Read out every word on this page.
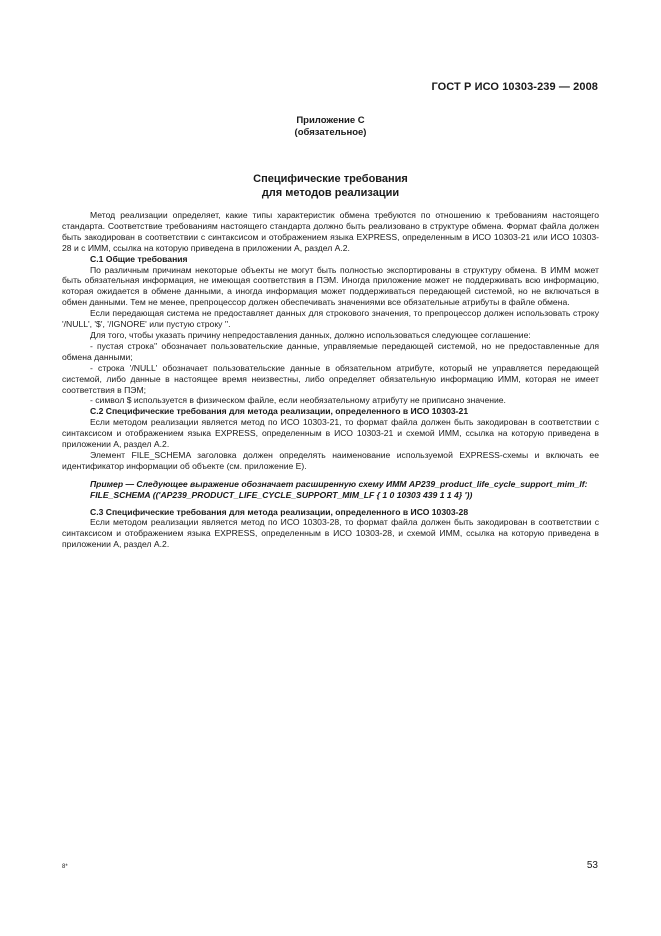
ГОСТ Р ИСО 10303-239 — 2008
Приложение С
(обязательное)
Специфические требования
для методов реализации

Метод реализации определяет, какие типы характеристик обмена требуются по отношению к требованиям настоящего стандарта. Соответствие требованиям настоящего стандарта должно быть реализовано в структуре обмена. Формат файла должен быть закодирован в соответствии с синтаксисом и отображением языка EXPRESS, определенным в ИСО 10303-21 или ИСО 10303-28 и с ИММ, ссылка на которую приведена в приложении А, раздел А.2.

С.1 Общие требования

По различным причинам некоторые объекты не могут быть полностью экспортированы в структуру обмена. В ИММ может быть обязательная информация, не имеющая соответствия в ПЭМ. Иногда приложение может не поддерживать всю информацию, которая ожидается в обмене данными, а иногда информация может поддерживаться передающей системой, но не включаться в обмен данными. Тем не менее, препроцессор должен обеспечивать значениями все обязательные атрибуты в файле обмена.

Если передающая система не предоставляет данных для строкового значения, то препроцессор должен использовать строку '/NULL', '$', '/IGNORE' или пустую строку ''.

Для того, чтобы указать причину непредоставления данных, должно использоваться следующее соглашение:

- пустая строка'' обозначает пользовательские данные, управляемые передающей системой, но не предоставленные для обмена данными;

- строка '/NULL' обозначает пользовательские данные в обязательном атрибуте, который не управляется передающей системой, либо данные в настоящее время неизвестны, либо определяет обязательную информацию ИММ, которая не имеет соответствия в ПЭМ;

- символ $ используется в физическом файле, если необязательному атрибуту не приписано значение.

С.2 Специфические требования для метода реализации, определенного в ИСО 10303-21

Если методом реализации является метод по ИСО 10303-21, то формат файла должен быть закодирован в соответствии с синтаксисом и отображением языка EXPRESS, определенным в ИСО 10303-21 и схемой ИММ, ссылка на которую приведена в приложении А, раздел А.2.

Элемент FILE_SCHEMA заголовка должен определять наименование используемой EXPRESS-схемы и включать ее идентификатор информации об объекте (см. приложение Е).

Пример — Следующее выражение обозначает расширенную схему ИММ AP239_product_life_cycle_support_mim_lf:

FILE_SCHEMA (('AP239_PRODUCT_LIFE_CYCLE_SUPPORT_MIM_LF { 1 0 10303 439 1 1 4} '))

С.3 Специфические требования для метода реализации, определенного в ИСО 10303-28

Если методом реализации является метод по ИСО 10303-28, то формат файла должен быть закодирован в соответствии с синтаксисом и отображением языка EXPRESS, определенным в ИСО 10303-28, и схемой ИММ, ссылка на которую приведена в приложении А, раздел А.2.

8*	53
